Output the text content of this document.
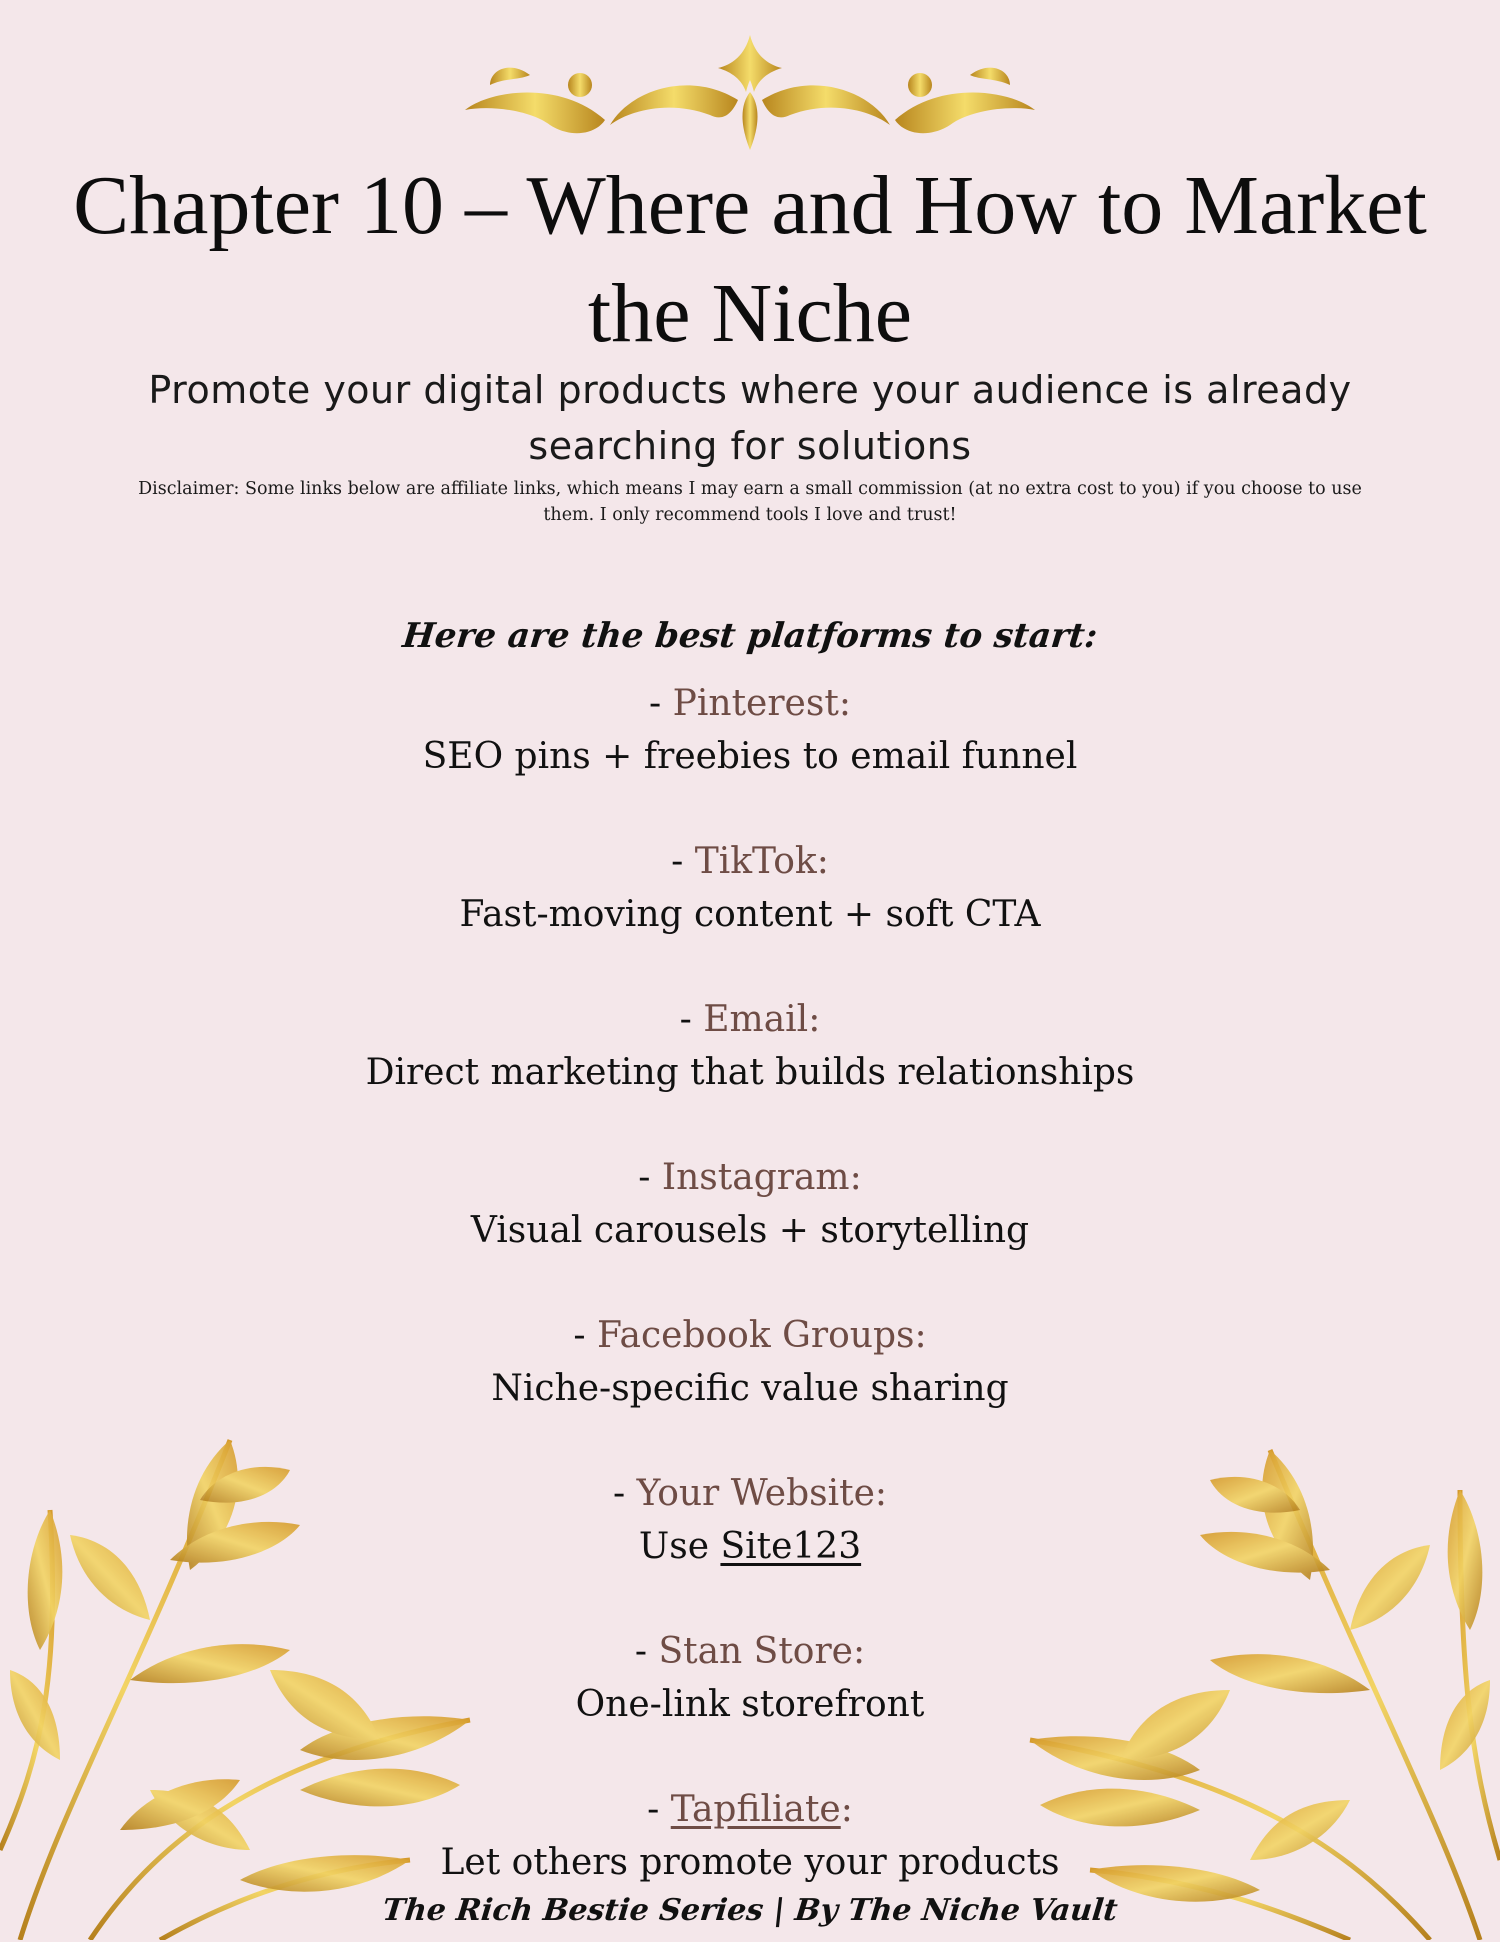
Chapter 10 – Where and How to Market the Niche

Promote your digital products where your audience is already searching for solutions

Disclaimer: Some links below are affiliate links, which means I may earn a small commission (at no extra cost to you) if you choose to use them. I only recommend tools I love and trust!

Here are the best platforms to start:

- Pinterest:
SEO pins + freebies to email funnel
- TikTok:
Fast-moving content + soft CTA
- Email:
Direct marketing that builds relationships
- Instagram:
Visual carousels + storytelling
- Facebook Groups:
Niche-specific value sharing
- Your Website:
Use Site123
- Stan Store:
One-link storefront
- Tapfiliate:
Let others promote your products

The Rich Bestie Series | By The Niche Vault
